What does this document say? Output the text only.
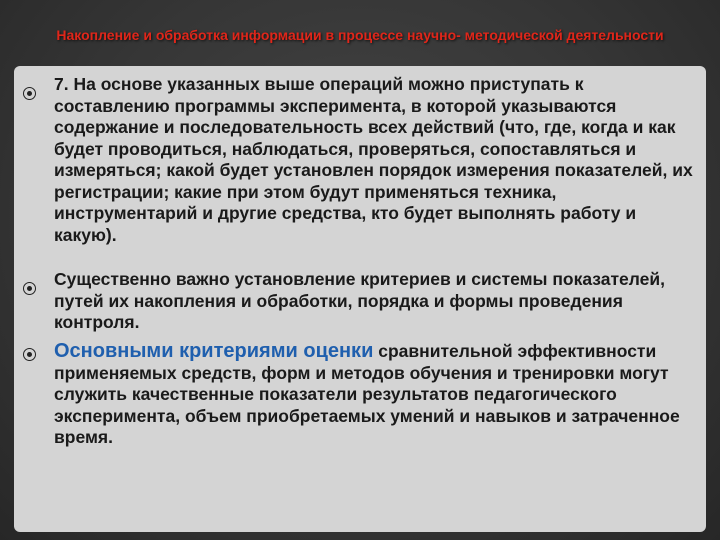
Накопление и обработка информации в процессе научно- методической деятельности
7. На основе указанных выше операций можно приступать к составлению программы эксперимента, в которой указываются содержание и последовательность всех действий (что, где, когда и как будет проводиться, наблюдаться, проверяться, сопоставляться и измеряться; какой будет установлен порядок измерения показателей, их регистрации; какие при этом будут применяться техника, инструментарий и другие средства, кто будет выполнять работу и какую).
Существенно важно установление критериев и системы показателей, путей их накопления и обработки, порядка и формы проведения контроля.
Основными критериями оценки сравнительной эффективности применяемых средств, форм и методов обучения и тренировки могут служить качественные показатели результатов педагогического эксперимента, объем приобретаемых умений и навыков и затраченное время.
